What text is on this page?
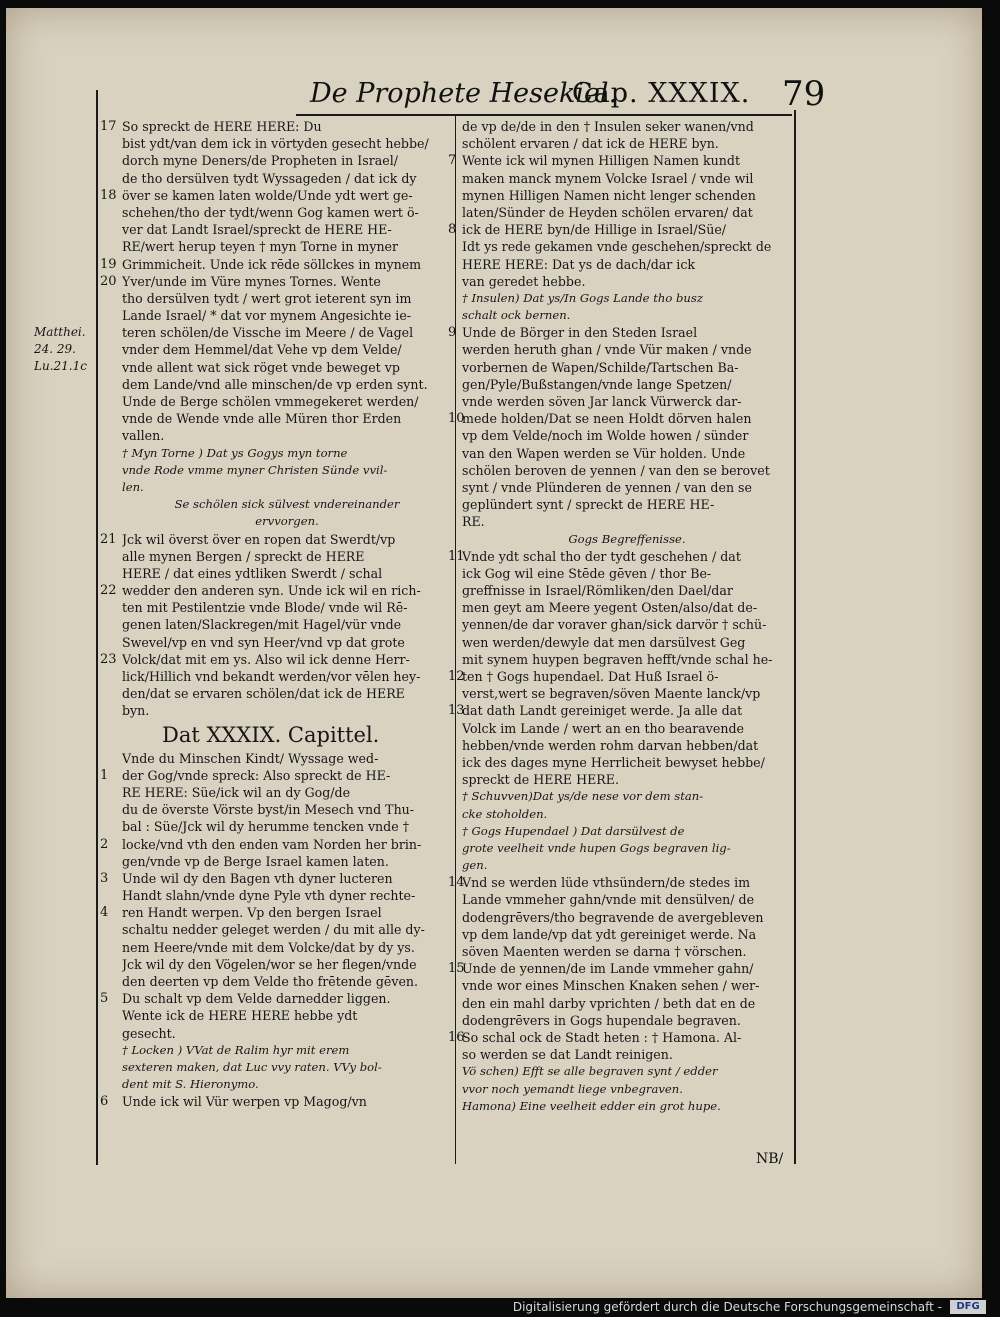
De Prophete Hesekiel.
Cap. XXXIX. 79
Matthei.
24. 29.
Lu.21.1c
So spreckt de HERE HERE: Du
bist ydt/van dem ick in vörtyden gesecht hebbe/
dorch myne Deners/de Propheten in Israel/
de tho dersülven tydt Wyssageden / dat ick dy
över se kamen laten wolde/Unde ydt wert ge-
schehen/tho der tydt/wenn Gog kamen wert ö-
ver dat Landt Israel/spreckt de HERE HE-
RE/wert herup teyen † myn Torne in myner
Grimmicheit. Unde ick rēde söllckes in mynem
Yver/unde im Vüre mynes Tornes. Wente
tho dersülven tydt / wert grot ieterent syn im
Lande Israel/ * dat vor mynem Angesichte ie-
teren schölen/de Vissche im Meere / de Vagel
vnder dem Hemmel/dat Vehe vp dem Velde/
vnde allent wat sick röget vnde beweget vp
dem Lande/vnd alle minschen/de vp erden synt.
Unde de Berge schölen vmmegekeret werden/
vnde de Wende vnde alle Müren thor Erden
vallen.
† Myn Torne ) Dat ys Gogys myn torne
vnde Rode vmme myner Christen Sünde vvil-
len.
Se schölen sick sülvest vndereinander
ervvorgen.
Jck wil överst över en ropen dat Swerdt/vp
alle mynen Bergen / spreckt de HERE
HERE / dat eines ydtliken Swerdt / schal
wedder den anderen syn. Unde ick wil en rich-
ten mit Pestilentzie vnde Blode/ vnde wil Rē-
genen laten/Slackregen/mit Hagel/vür vnde
Swevel/vp en vnd syn Heer/vnd vp dat grote
Volck/dat mit em ys. Also wil ick denne Herr-
lick/Hillich vnd bekandt werden/vor vēlen hey-
den/dat se ervaren schölen/dat ick de HERE
byn.
Dat XXXIX. Capittel.
Vnde du Minschen Kindt/ Wyssage wed-
der Gog/vnde spreck: Also spreckt de HE-
RE HERE: Süe/ick wil an dy Gog/de
du de överste Vörste byst/in Mesech vnd Thu-
bal : Süe/Jck wil dy herumme tencken vnde †
locke/vnd vth den enden vam Norden her brin-
gen/vnde vp de Berge Israel kamen laten.
Unde wil dy den Bagen vth dyner lucteren
Handt slahn/vnde dyne Pyle vth dyner rechte-
ren Handt werpen. Vp den bergen Israel
schaltu nedder geleget werden / du mit alle dy-
nem Heere/vnde mit dem Volcke/dat by dy ys.
Jck wil dy den Vögelen/wor se her flegen/vnde
den deerten vp dem Velde tho frētende gēven.
Du schalt vp dem Velde darnedder liggen.
Wente ick de HERE HERE hebbe ydt
gesecht.
† Locken ) VVat de Ralim hyr mit erem
sexteren maken, dat Luc vvy raten. VVy bol-
dent mit S. Hieronymo.
Unde ick wil Vür werpen vp Magog/vn
de vp de/de in den † Insulen seker wanen/vnd
schölent ervaren / dat ick de HERE byn.
Wente ick wil mynen Hilligen Namen kundt
maken manck mynem Volcke Israel / vnde wil
mynen Hilligen Namen nicht lenger schenden
laten/Sünder de Heyden schölen ervaren/ dat
ick de HERE byn/de Hillige in Israel/Süe/
Idt ys rede gekamen vnde geschehen/spreckt de
HERE HERE: Dat ys de dach/dar ick
van geredet hebbe.
† Insulen) Dat ys/In Gogs Lande tho busz
schalt ock bernen.
Unde de Börger in den Steden Israel
werden heruth ghan / vnde Vür maken / vnde
vorbernen de Wapen/Schilde/Tartschen Ba-
gen/Pyle/Bußstangen/vnde lange Spetzen/
vnde werden söven Jar lanck Vürwerck dar-
mede holden/Dat se neen Holdt dörven halen
vp dem Velde/noch im Wolde howen / sünder
van den Wapen werden se Vür holden. Unde
schölen beroven de yennen / van den se berovet
synt / vnde Plünderen de yennen / van den se
geplündert synt / spreckt de HERE HE-
RE.
Gogs Begreffenisse.
Vnde ydt schal tho der tydt geschehen / dat
ick Gog wil eine Stēde gēven / thor Be-
greffnisse in Israel/Römliken/den Dael/dar
men geyt am Meere yegent Osten/also/dat de-
yennen/de dar voraver ghan/sick darvör † schü-
wen werden/dewyle dat men darsülvest Geg
mit synem huypen begraven hefft/vnde schal he-
ten † Gogs hupendael. Dat Huß Israel ö-
verst,wert se begraven/söven Maente lanck/vp
dat dath Landt gereiniget werde. Ja alle dat
Volck im Lande / wert an en tho bearavende
hebben/vnde werden rohm darvan hebben/dat
ick des dages myne Herrlicheit bewyset hebbe/
spreckt de HERE HERE.
† Schuvven)Dat ys/de nese vor dem stan-
cke stoholden.
† Gogs Hupendael ) Dat darsülvest de
grote veelheit vnde hupen Gogs begraven lig-
gen.
Vnd se werden lüde vthsündern/de stedes im
Lande vmmeher gahn/vnde mit densülven/ de
dodengrēvers/tho begravende de avergebleven
vp dem lande/vp dat ydt gereiniget werde. Na
söven Maenten werden se darna † vörschen.
Unde de yennen/de im Lande vmmeher gahn/
vnde wor eines Minschen Knaken sehen / wer-
den ein mahl darby vprichten / beth dat en de
dodengrēvers in Gogs hupendale begraven.
So schal ock de Stadt heten : † Hamona. Al-
so werden se dat Landt reinigen.
Vö schen) Efft se alle begraven synt / edder
vvor noch yemandt liege vnbegraven.
Hamona) Eine veelheit edder ein grot hupe.
17
18
19
20
21
22
23
1
2
3
4
5
6
7
8
9
10
11
12
13
14
15
16
NB/
Digitalisierung gefördert durch die Deutsche Forschungsgemeinschaft -	DFG
